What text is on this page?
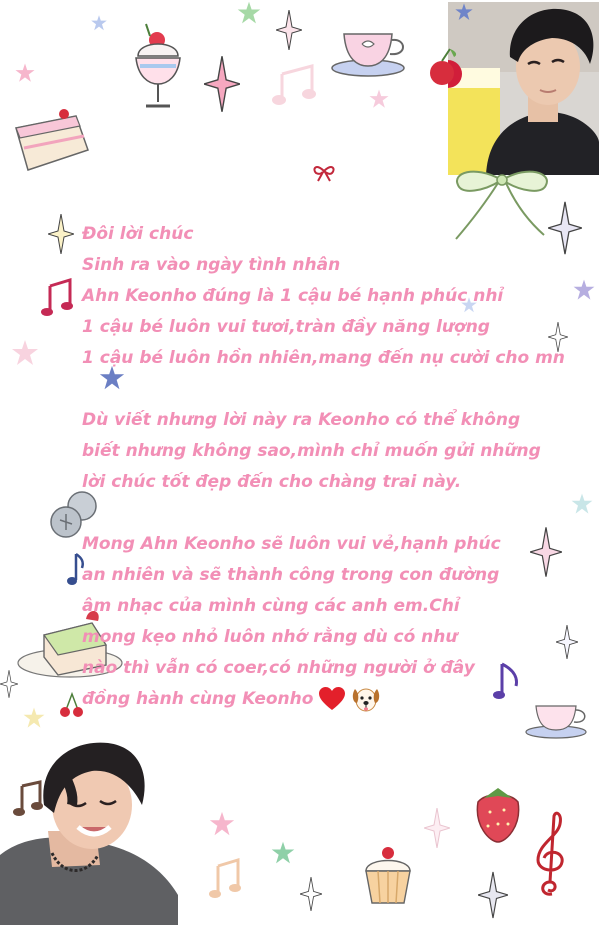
Đôi lời chúc
Sinh ra vào ngày tình nhân
Ahn Keonho đúng là 1 cậu bé hạnh phúc nhỉ
1 cậu bé luôn vui tươi,tràn đầy năng lượng
1 cậu bé luôn hồn nhiên,mang đến nụ cười cho mn
Dù viết nhưng lời này ra Keonho có thể không
biết nhưng không sao,mình chỉ muốn gửi những
lời chúc tốt đẹp đến cho chàng trai này.
Mong Ahn Keonho sẽ luôn vui vẻ,hạnh phúc
an nhiên và sẽ thành công trong con đường
âm nhạc của mình cùng các anh em.Chỉ
mong kẹo nhỏ luôn nhớ rằng dù có như
nào thì vẫn có coer,có những người ở đây
đồng hành cùng Keonho
